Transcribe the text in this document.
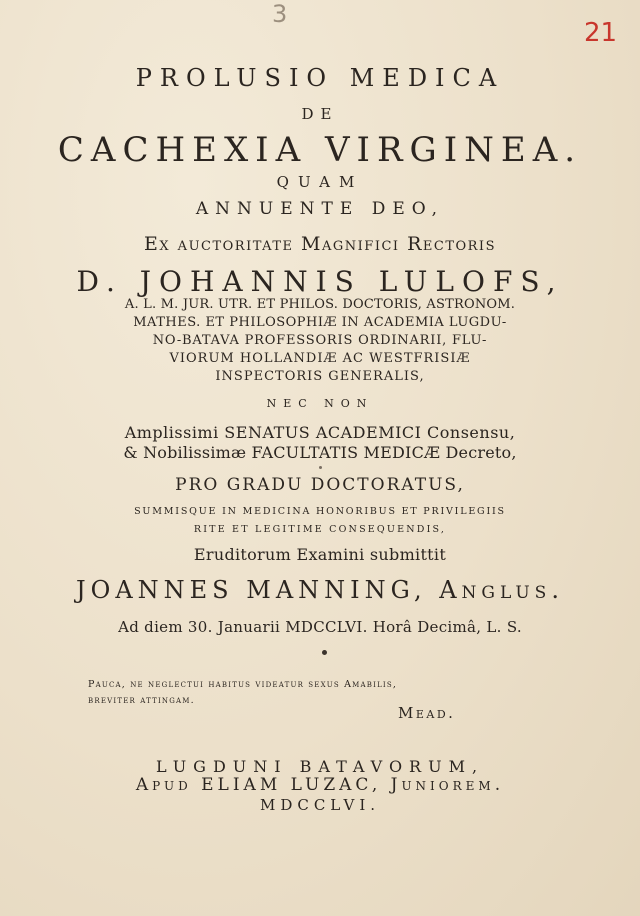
3
21
PROLUSIO MEDICA
DE
CACHEXIA VIRGINEA.
QUAM
ANNUENTE DEO,
Ex auctoritate Magnifici Rectoris
D. JOHANNIS LULOFS,
A. L. M. JUR. UTR. ET PHILOS. DOCTORIS, ASTRONOM.
MATHES. ET PHILOSOPHIÆ IN ACADEMIA LUGDU-
NO-BATAVA PROFESSORIS ORDINARII, FLU-
VIORUM HOLLANDIÆ AC WESTFRISIÆ
INSPECTORIS GENERALIS,
NEC NON
Amplissimi SENATUS ACADEMICI Consensu,
& Nobilissimæ FACULTATIS MEDICÆ Decreto,
PRO GRADU DOCTORATUS,
SUMMISQUE IN MEDICINA HONORIBUS ET PRIVILEGIIS
RITE ET LEGITIME CONSEQUENDIS,
Eruditorum Examini submittit
JOANNES MANNING, Anglus.
Ad diem 30. Januarii MDCCLVI. Horâ Decimâ, L. S.
Pauca, ne neglectui habitus videatur sexus Amabilis,
breviter attingam.
Mead.
LUGDUNI BATAVORUM,
Apud ELIAM LUZAC, Juniorem.
MDCCLVI.
